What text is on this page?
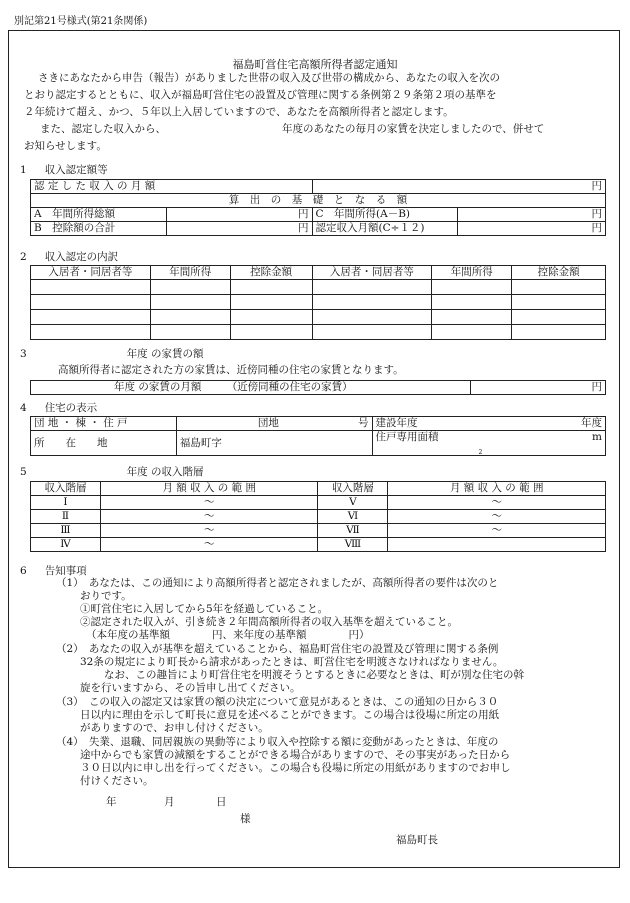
別記第21号様式(第21条関係)
福島町営住宅高額所得者認定通知
さきにあなたから申告（報告）がありました世帯の収入及び世帯の構成から、あなたの収入を次の
とおり認定するとともに、収入が福島町営住宅の設置及び管理に関する条例第２９条第２項の基準を
２年続けて超え、かつ、５年以上入居していますので、あなたを高額所得者と認定します。
また、認定した収入から、	年度のあなたの毎月の家賃を決定しましたので、併せて
お知らせします。
1 収入認定額等
認 定 し た 収 入 の 月 額		円	
算　出　の　基　礎　と　な　る　額			
A　年間所得総額	円	C　年間所得(A－B)	円
B　控除額の合計	円	認定収入月額(C÷１２)	円
2 収入認定の内訳
入居者・同居者等	年間所得	控除金額	入居者・同居者等	年間所得	控除金額

3	年度 の家賃の額
高額所得者に認定された方の家賃は、近傍同種の住宅の家賃となります。
年度 の家賃の月額 （近傍同種の住宅の家賃）	円
4 住宅の表示
団 地 ・ 棟 ・ 住 戸	団地 号	建設年度 年度

所　　在　　地	福島町字	住戸専用面積 m
2
5	年度 の収入階層
収入階層	月 額 収 入 の 範 囲	収入階層	月 額 収 入 の 範 囲
Ⅰ	～	Ⅴ	～
Ⅱ	～	Ⅵ	～
Ⅲ	～	Ⅶ	～
Ⅳ	～	Ⅷ	
6 告知事項
（1）　あなたは、この通知により高額所得者と認定されましたが、高額所得者の要件は次のと
おりです。
①町営住宅に入居してから5年を経過していること。
②認定された収入が、引き続き２年間高額所得者の収入基準を超えていること。
（本年度の基準額　　　　円、来年度の基準額　　　　円）
（2）　あなたの収入が基準を超えていることから、福島町営住宅の設置及び管理に関する条例
32条の規定により町長から請求があったときは、町営住宅を明渡さなければなりません。
なお、この趣旨により町営住宅を明渡そうとするときに必要なときは、町が別な住宅の斡
旋を行いますから、その旨申し出てください。
（3）　この収入の認定又は家賃の額の決定について意見があるときは、この通知の日から３０
日以内に理由を示して町長に意見を述べることができます。この場合は役場に所定の用紙
がありますので、お申し付けください。
（4）　失業、退職、同居親族の異動等により収入や控除する額に変動があったときは、年度の
途中からでも家賃の減額をすることができる場合がありますので、その事実があった日から
３０日以内に申し出を行ってください。この場合も役場に所定の用紙がありますのでお申し
付けください。
年	月	日
様
福島町長
